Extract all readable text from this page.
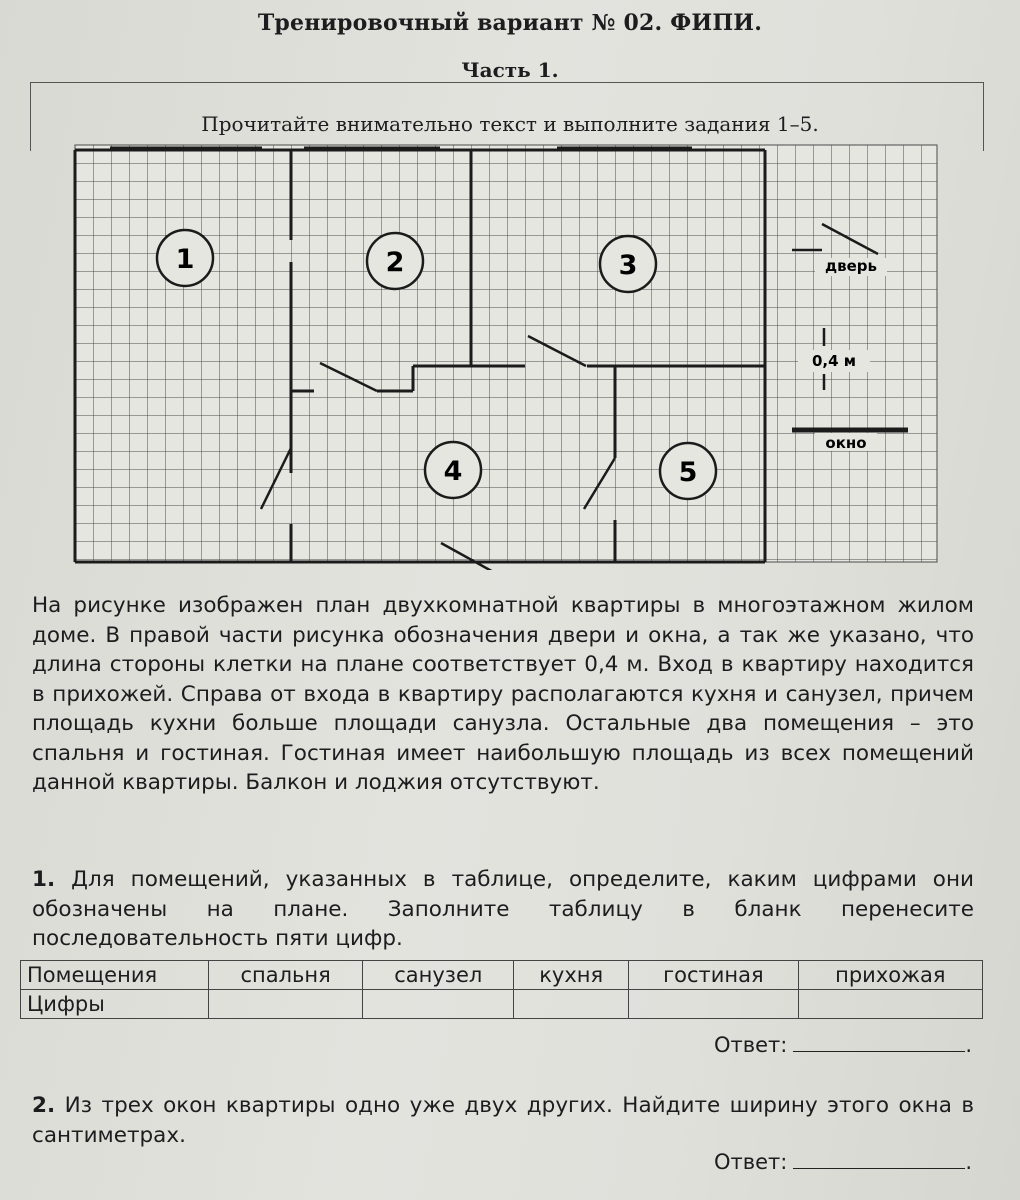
Тренировочный вариант № 02. ФИПИ.
Часть 1.
Прочитайте внимательно текст и выполните задания 1–5.
1	2	3
4	5
дверь
0,4 м
окно
На рисунке изображен план двухкомнатной квартиры в многоэтажном жилом доме. В правой части рисунка обозначения двери и окна, а так же указано, что длина стороны клетки на плане соответствует 0,4 м. Вход в квартиру находится в прихожей. Справа от входа в квартиру располагаются кухня и санузел, причем площадь кухни больше площади санузла. Остальные два помещения – это спальня и гостиная. Гостиная имеет наибольшую площадь из всех помещений данной квартиры. Балкон и лоджия отсутствуют.
1. Для помещений, указанных в таблице, определите, каким цифрами они обозначены на плане. Заполните таблицу в бланк перенесите последовательность пяти цифр.
Помещения	спальня	санузел	кухня	гостиная	прихожая
Цифры					
Ответ:	.
2. Из трех окон квартиры одно уже двух других. Найдите ширину этого окна в сантиметрах.
Ответ:	.
